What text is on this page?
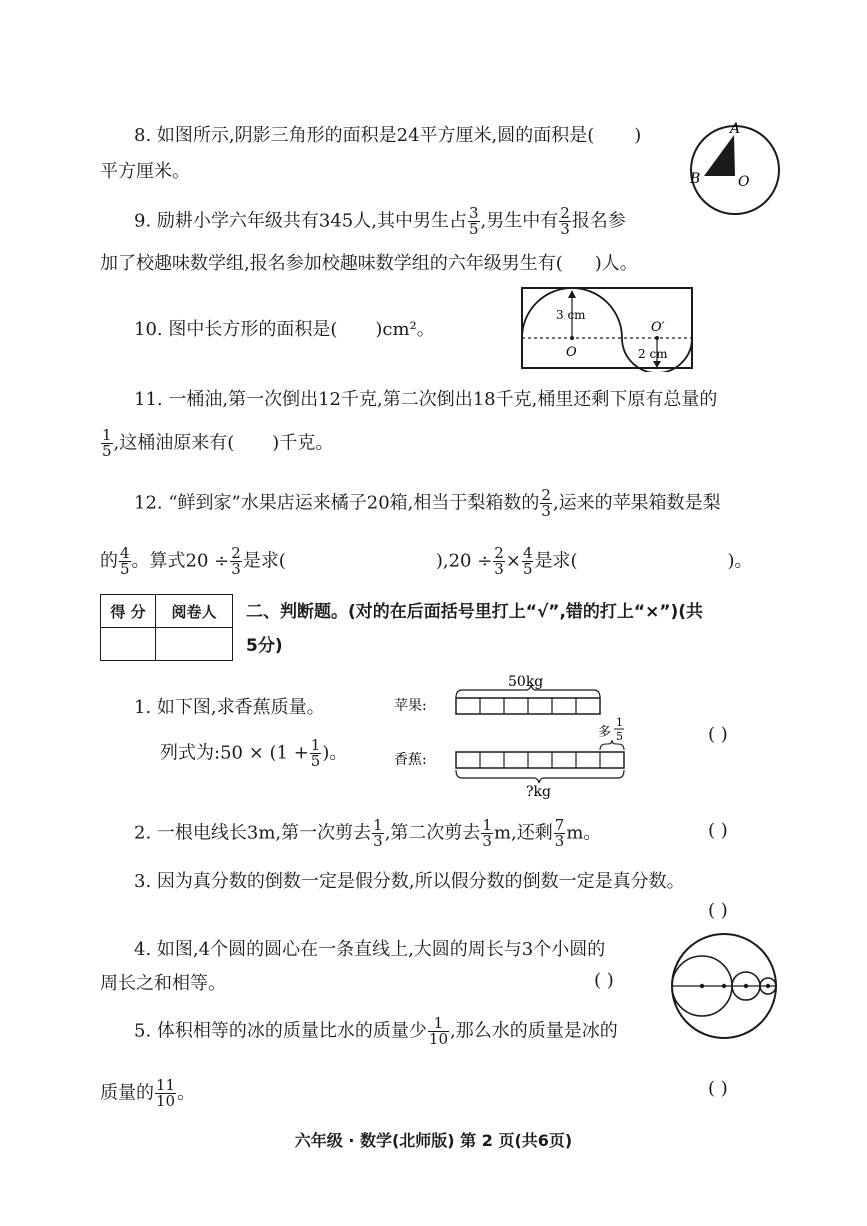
8. 如图所示,阴影三角形的面积是24平方厘米,圆的面积是( )
平方厘米。
A
B	O
9. 励耕小学六年级共有345人,其中男生占 $\frac{3}{5}$ ,男生中有 $\frac{2}{3}$ 报名参
加了校趣味数学组,报名参加校趣味数学组的六年级男生有( )人。
10. 图中长方形的面积是( )cm²。
3 cm
O
O′
2 cm
11. 一桶油,第一次倒出12千克,第二次倒出18千克,桶里还剩下原有总量的
$\frac{1}{5}$ ,这桶油原来有( )千克。
12. “鲜到家”水果店运来橘子20箱,相当于梨箱数的 $\frac{2}{3}$ ,运来的苹果箱数是梨
的 $\frac{4}{5}$ 。算式$20 \div \frac{2}{3}$ 是求(	)$,20 \div \frac{2}{3} \times \frac{4}{5}$ 是求(	)。
得 分	阅卷人
	二、判断题。(对的在后面括号里打上“√”,错的打上“×”)(共
5分)
1. 如下图,求香蕉质量。
列式为:50 × ($1 + \frac{1}{5}$ )。
( )
苹果:
香蕉:
50kg
多
1
5
?kg
2. 一根电线长3m,第一次剪去 $\frac{1}{3}$ ,第二次剪去 $\frac{1}{3} m$,还剩 $\frac{7}{3}$ m。	( )
3. 因为真分数的倒数一定是假分数,所以假分数的倒数一定是真分数。
( )
4. 如图,4个圆的圆心在一条直线上,大圆的周长与3个小圆的
周长之和相等。	( )
5. 体积相等的冰的质量比水的质量少 $\frac{1}{10}$ ,那么水的质量是冰的
质量的 $\frac{11}{10}$ 。	( )
六年级 · 数学(北师版) 第 2 页(共6页)
